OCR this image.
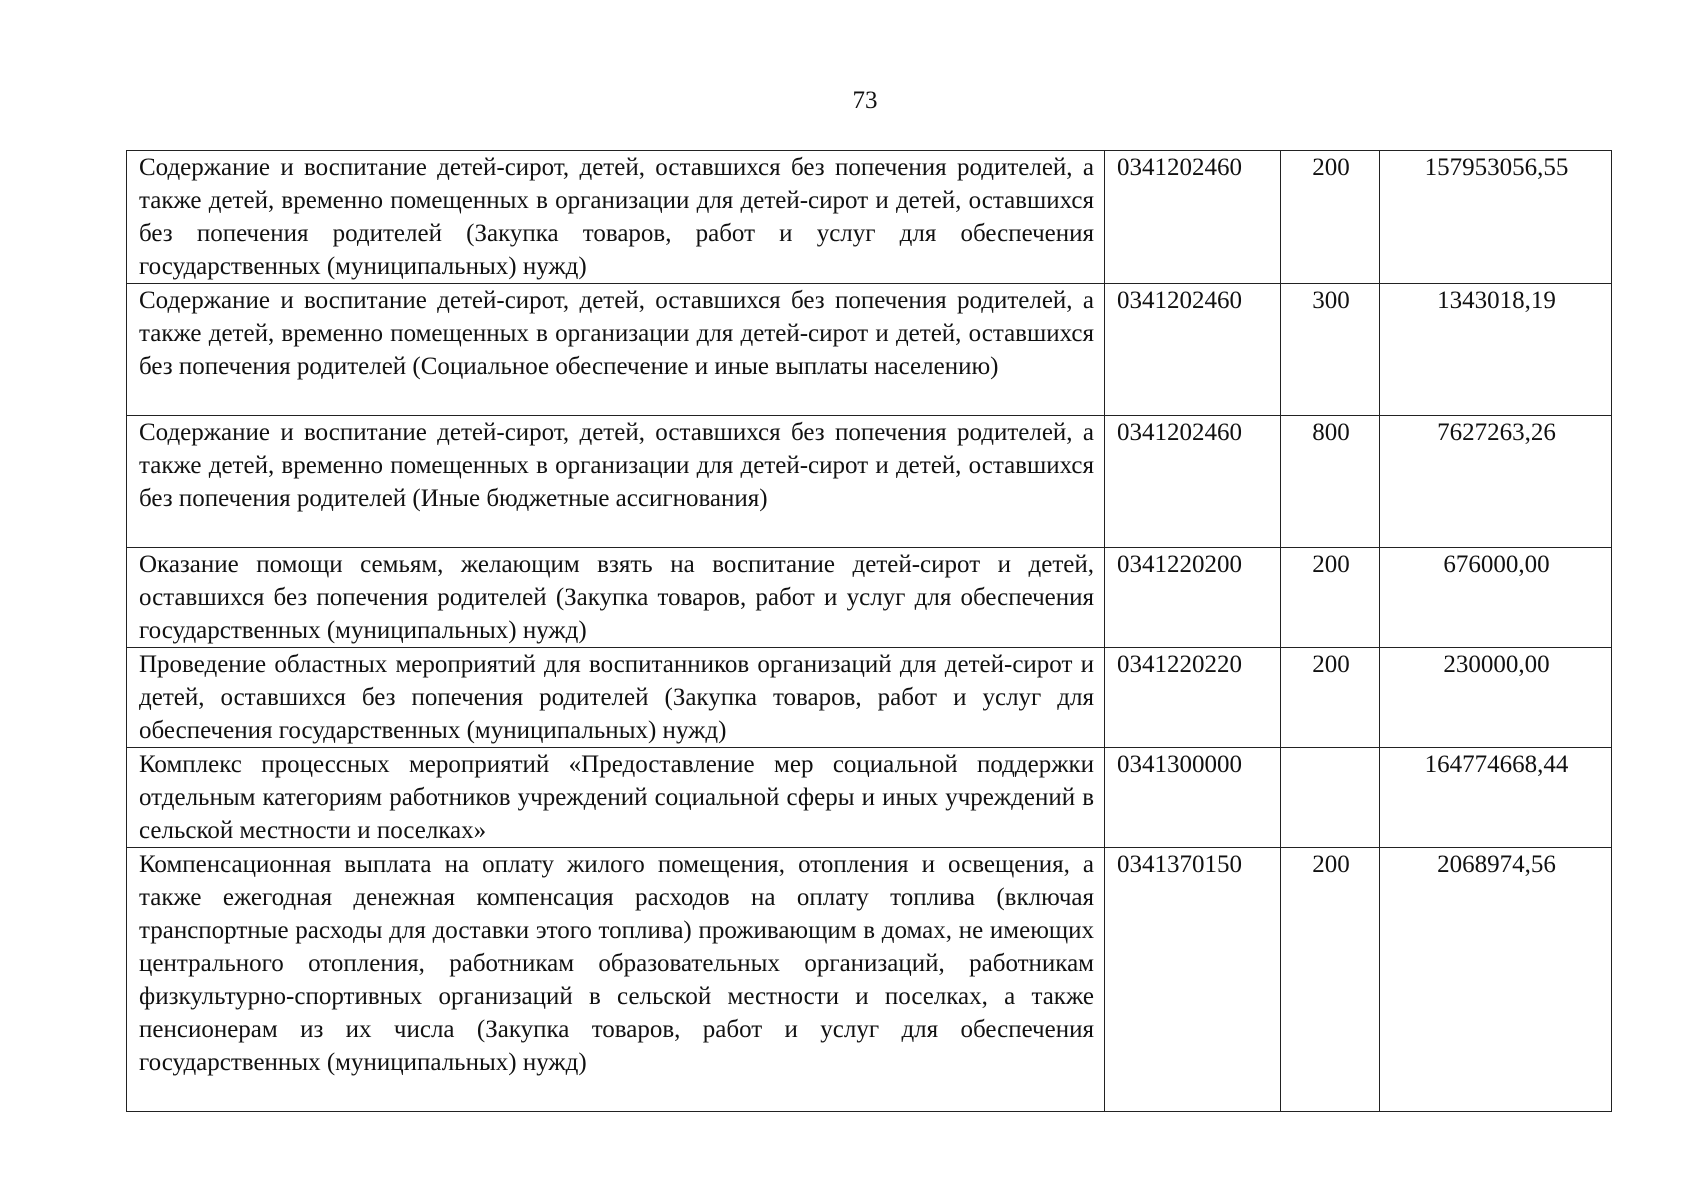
73
Содержание и воспитание детей-сирот, детей, оставшихся без попечения родителей, а также детей, временно помещенных в организации для детей-сирот и детей, оставшихся без попечения родителей (Закупка товаров, работ и услуг для обеспечения государственных (муниципальных) нужд)	0341202460	200	157953056,55
Содержание и воспитание детей-сирот, детей, оставшихся без попечения родителей, а также детей, временно помещенных в организации для детей-сирот и детей, оставшихся без попечения родителей (Социальное обеспечение и иные выплаты населению)	0341202460	300	1343018,19
Содержание и воспитание детей-сирот, детей, оставшихся без попечения родителей, а также детей, временно помещенных в организации для детей-сирот и детей, оставшихся без попечения родителей (Иные бюджетные ассигнования)	0341202460	800	7627263,26
Оказание помощи семьям, желающим взять на воспитание детей-сирот и детей, оставшихся без попечения родителей (Закупка товаров, работ и услуг для обеспечения государственных (муниципальных) нужд)	0341220200	200	676000,00
Проведение областных мероприятий для воспитанников организаций для детей-сирот и детей, оставшихся без попечения родителей (Закупка товаров, работ и услуг для обеспечения государственных (муниципальных) нужд)	0341220220	200	230000,00
Комплекс процессных мероприятий «Предоставление мер социальной поддержки отдельным категориям работников учреждений социальной сферы и иных учреждений в сельской местности и поселках»	0341300000		164774668,44
Компенсационная выплата на оплату жилого помещения, отопления и освещения, а также ежегодная денежная компенсация расходов на оплату топлива (включая транспортные расходы для доставки этого топлива) проживающим в домах, не имеющих центрального отопления, работникам образовательных организаций, работникам физкультурно-спортивных организаций в сельской местности и поселках, а также пенсионерам из их числа (Закупка товаров, работ и услуг для обеспечения государственных (муниципальных) нужд)	0341370150	200	2068974,56
